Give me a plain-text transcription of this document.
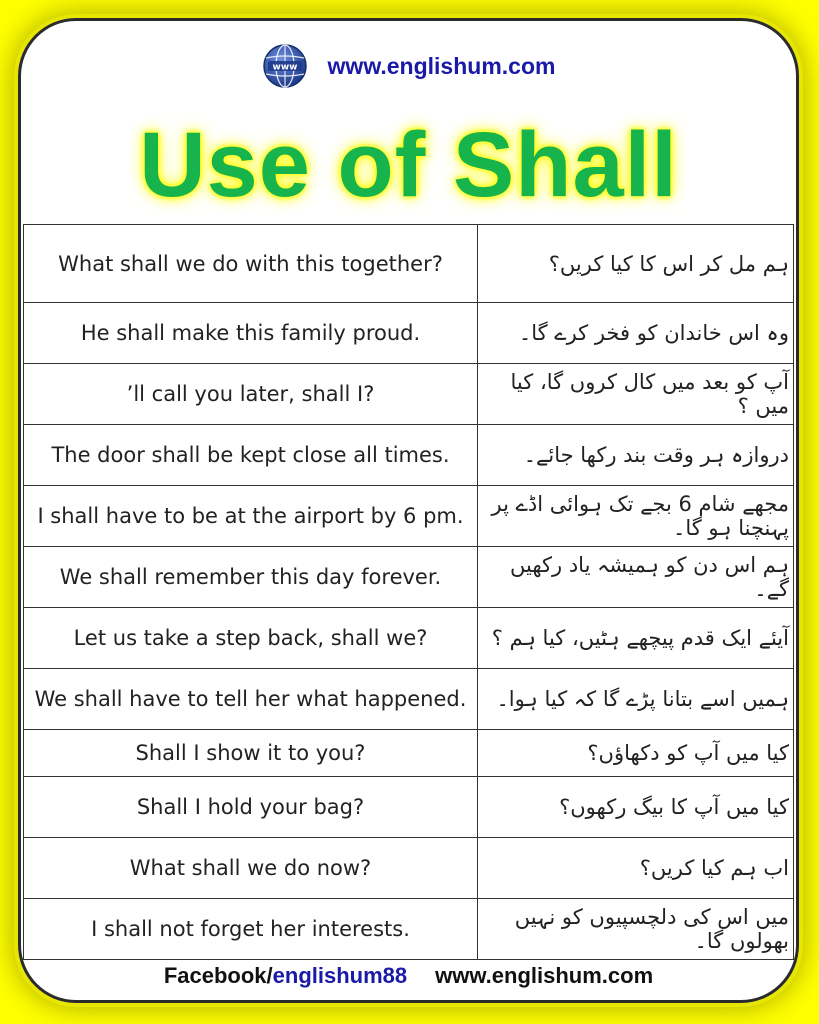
www www.englishum.com
Use of Shall
What shall we do with this together?	ہم مل کر اس کا کیا کریں؟
He shall make this family proud.	وہ اس خاندان کو فخر کرے گا۔
’ll call you later, shall I?	آپ کو بعد میں کال کروں گا، کیا میں ؟
The door shall be kept close all times.	دروازہ ہر وقت بند رکھا جائے۔
I shall have to be at the airport by 6 pm.	مجھے شام 6 بجے تک ہوائی اڈے پر پہنچنا ہو گا۔
We shall remember this day forever.	ہم اس دن کو ہمیشہ یاد رکھیں گے۔
Let us take a step back, shall we?	آیئے ایک قدم پیچھے ہٹیں، کیا ہم ؟
We shall have to tell her what happened.	ہمیں اسے بتانا پڑے گا کہ کیا ہوا۔
Shall I show it to you?	کیا میں آپ کو دکھاؤں؟
Shall I hold your bag?	کیا میں آپ کا بیگ رکھوں؟
What shall we do now?	اب ہم کیا کریں؟
I shall not forget her interests.	میں اس کی دلچسپیوں کو نہیں بھولوں گا۔
Facebook/englishum88 www.englishum.com
